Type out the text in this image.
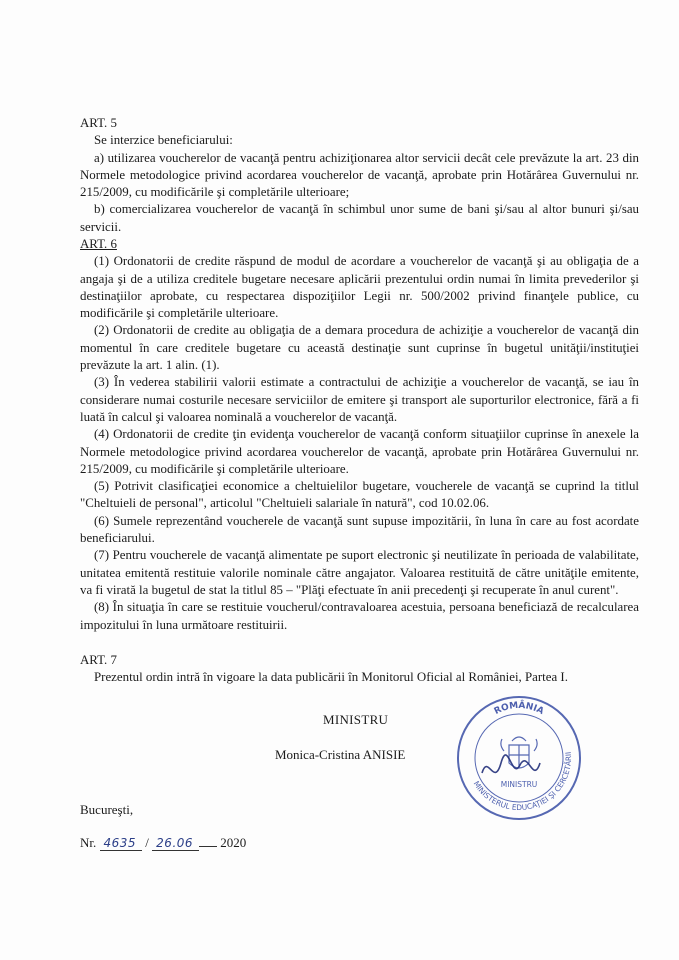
ART. 5

Se interzice beneficiarului:

a) utilizarea voucherelor de vacanţă pentru achiziţionarea altor servicii decât cele prevăzute la art. 23 din Normele metodologice privind acordarea voucherelor de vacanţă, aprobate prin Hotărârea Guvernului nr. 215/2009, cu modificările şi completările ulterioare;

b) comercializarea voucherelor de vacanţă în schimbul unor sume de bani şi/sau al altor bunuri şi/sau servicii.

ART. 6

(1) Ordonatorii de credite răspund de modul de acordare a voucherelor de vacanţă şi au obligaţia de a angaja şi de a utiliza creditele bugetare necesare aplicării prezentului ordin numai în limita prevederilor şi destinaţiilor aprobate, cu respectarea dispoziţiilor Legii nr. 500/2002 privind finanţele publice, cu modificările şi completările ulterioare.

(2) Ordonatorii de credite au obligaţia de a demara procedura de achiziţie a voucherelor de vacanţă din momentul în care creditele bugetare cu această destinaţie sunt cuprinse în bugetul unităţii/instituţiei prevăzute la art. 1 alin. (1).

(3) În vederea stabilirii valorii estimate a contractului de achiziţie a voucherelor de vacanţă, se iau în considerare numai costurile necesare serviciilor de emitere şi transport ale suporturilor electronice, fără a fi luată în calcul şi valoarea nominală a voucherelor de vacanţă.

(4) Ordonatorii de credite ţin evidenţa voucherelor de vacanţă conform situaţiilor cuprinse în anexele la Normele metodologice privind acordarea voucherelor de vacanţă, aprobate prin Hotărârea Guvernului nr. 215/2009, cu modificările şi completările ulterioare.

(5) Potrivit clasificaţiei economice a cheltuielilor bugetare, voucherele de vacanţă se cuprind la titlul "Cheltuieli de personal", articolul "Cheltuieli salariale în natură", cod 10.02.06.

(6) Sumele reprezentând voucherele de vacanţă sunt supuse impozitării, în luna în care au fost acordate beneficiarului.

(7) Pentru voucherele de vacanţă alimentate pe suport electronic şi neutilizate în perioada de valabilitate, unitatea emitentă restituie valorile nominale către angajator. Valoarea restituită de către unităţile emitente, va fi virată la bugetul de stat la titlul 85 – "Plăţi efectuate în anii precedenţi şi recuperate în anul curent".

(8) În situaţia în care se restituie voucherul/contravaloarea acestuia, persoana beneficiază de recalcularea impozitului în luna următoare restituirii.

ART. 7

Prezentul ordin intră în vigoare la data publicării în Monitorul Oficial al României, Partea I.

MINISTRU
Monica-Cristina ANISIE
ROMÂNIA
MINISTERUL EDUCAŢIEI ŞI CERCETĂRII
MINISTRU
Bucureşti,
Nr. 4635 / 26.06 2020
